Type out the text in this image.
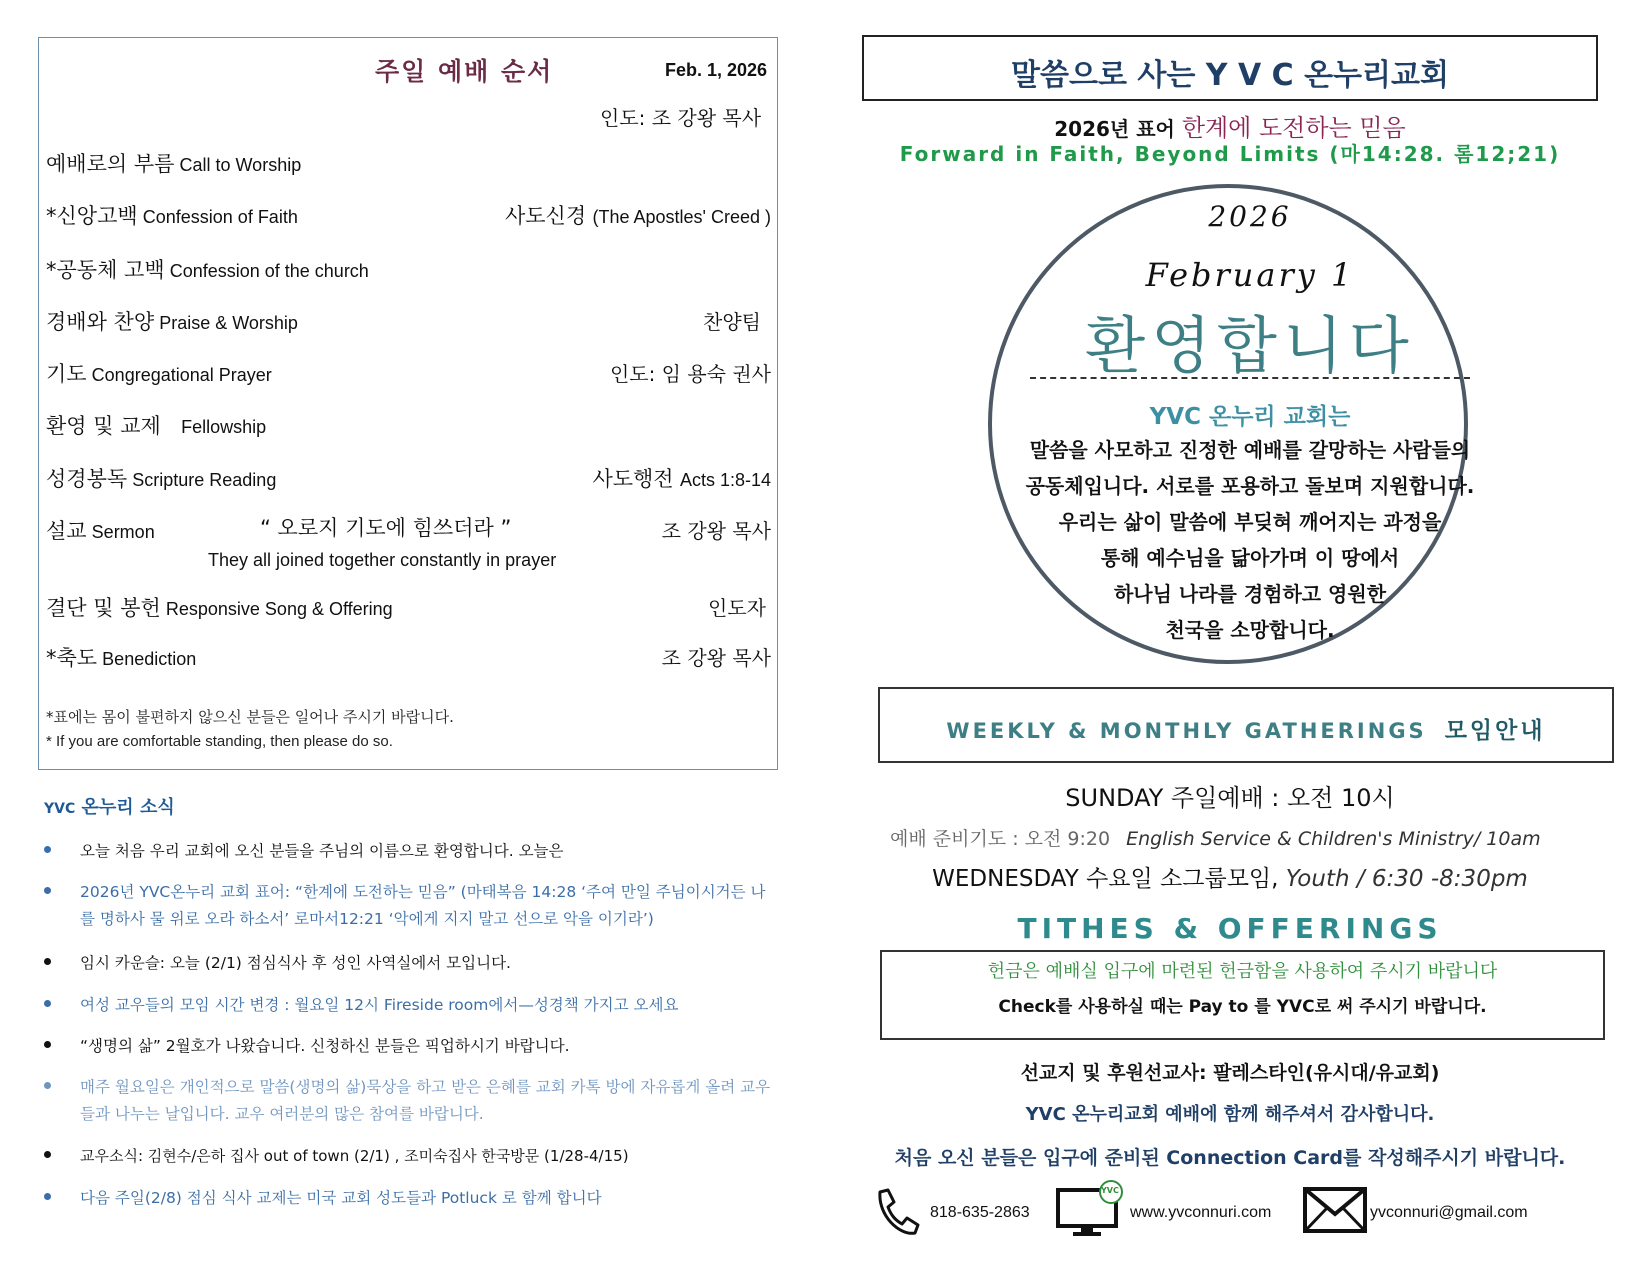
주일 예배 순서	Feb. 1, 2026
인도: 조 강왕 목사
예배로의 부름 Call to Worship
*신앙고백 Confession of Faith	사도신경 (The Apostles' Creed )
*공동체 고백 Confession of the church
경배와 찬양 Praise & Worship	찬양팀
기도 Congregational Prayer	인도: 임 용숙 권사
환영 및 교제 Fellowship
성경봉독 Scripture Reading	사도행전 Acts 1:8-14
설교 Sermon	조 강왕 목사
“ 오로지 기도에 힘쓰더라 ”
They all joined together constantly in prayer
결단 및 봉헌 Responsive Song & Offering	인도자
*축도 Benediction	조 강왕 목사
*표에는 몸이 불편하지 않으신 분들은 일어나 주시기 바랍니다.
* If you are comfortable standing, then please do so.
YVC 온누리 소식
오늘 처음 우리 교회에 오신 분들을 주님의 이름으로 환영합니다. 오늘은
2026년 YVC온누리 교회 표어: “한계에 도전하는 믿음” (마태복음 14:28 ‘주여 만일 주님이시거든 나를 명하사 물 위로 오라 하소서’ 로마서12:21 ‘악에게 지지 말고 선으로 악을 이기라’)
임시 카운슬: 오늘 (2/1) 점심식사 후 성인 사역실에서 모입니다.
여성 교우들의 모임 시간 변경 : 월요일 12시 Fireside room에서—성경책 가지고 오세요
“생명의 삶” 2월호가 나왔습니다. 신청하신 분들은 픽업하시기 바랍니다.
매주 월요일은 개인적으로 말씀(생명의 삶)묵상을 하고 받은 은혜를 교회 카톡 방에 자유롭게 올려 교우들과 나누는 날입니다. 교우 여러분의 많은 참여를 바랍니다.
교우소식: 김현수/은하 집사 out of town (2/1) , 조미숙집사 한국방문 (1/28-4/15)
다음 주일(2/8) 점심 식사 교제는 미국 교회 성도들과 Potluck 로 함께 합니다
말씀으로 사는 Y V C 온누리교회
2026년 표어 한계에 도전하는 믿음
Forward in Faith, Beyond Limits (마14:28. 롬12;21)
2026
February 1
환영합니다
YVC 온누리 교회는
말씀을 사모하고 진정한 예배를 갈망하는 사람들의
공동체입니다. 서로를 포용하고 돌보며 지원합니다.
우리는 삶이 말씀에 부딪혀 깨어지는 과정을
통해 예수님을 닮아가며 이 땅에서
하나님 나라를 경험하고 영원한
천국을 소망합니다.
WEEKLY & MONTHLY GATHERINGS 모임안내
SUNDAY 주일예배 : 오전 10시
예배 준비기도 : 오전 9:20 English Service & Children's Ministry/ 10am
WEDNESDAY 수요일 소그룹모임, Youth / 6:30 -8:30pm
TITHES & OFFERINGS
헌금은 예배실 입구에 마련된 헌금함을 사용하여 주시기 바랍니다
Check를 사용하실 때는 Pay to 를 YVC로 써 주시기 바랍니다.
선교지 및 후원선교사: 팔레스타인(유시대/유교회)
YVC 온누리교회 예배에 함께 해주셔서 감사합니다.
처음 오신 분들은 입구에 준비된 Connection Card를 작성해주시기 바랍니다.
818-635-2863
YVC
www.yvconnuri.com	yvconnuri@gmail.com
